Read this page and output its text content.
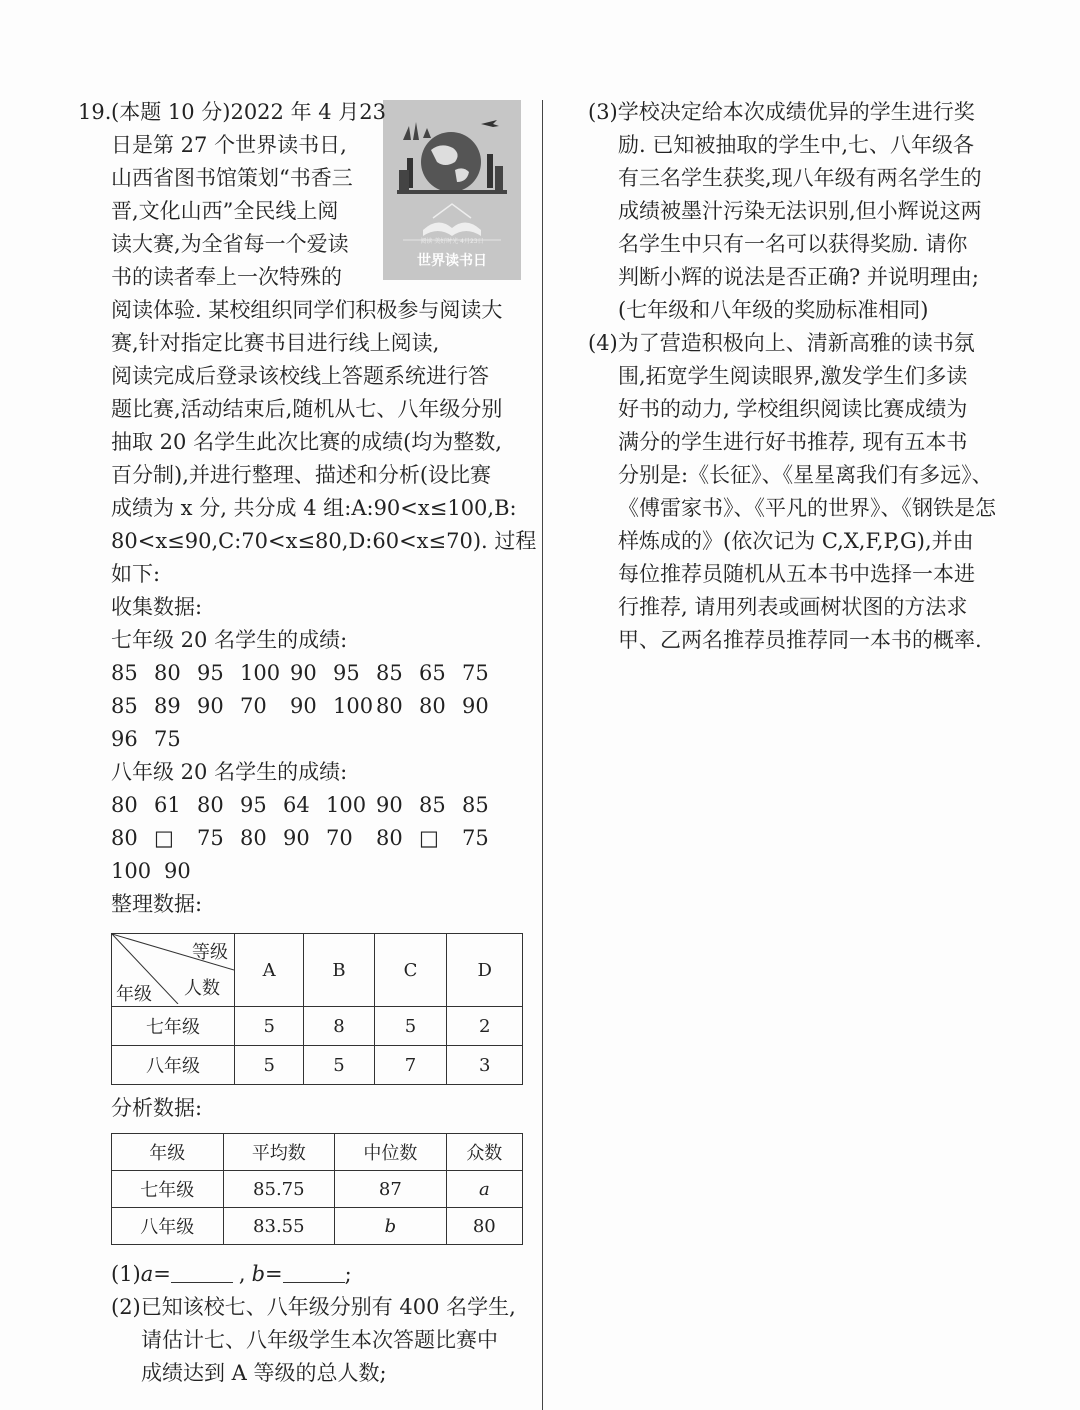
阅读 美好时光 4月23日
世界读书日
19. (本题 10 分)2022 年 4 月23
日是第 27 个世界读书日,
山西省图书馆策划“书香三
晋,文化山西”全民线上阅
读大赛,为全省每一个爱读
书的读者奉上一次特殊的
阅读体验. 某校组织同学们积极参与阅读大
赛,针对指定比赛书目进行线上阅读,
阅读完成后登录该校线上答题系统进行答
题比赛,活动结束后,随机从七、八年级分别
抽取 20 名学生此次比赛的成绩(均为整数,
百分制),并进行整理、描述和分析(设比赛
成绩为 x 分, 共分成 4 组:A:90<x≤100,B:
80<x≤90,C:70<x≤80,D:60<x≤70). 过程
如下:
收集数据:
七年级 20 名学生的成绩:
85 80 95 100 90 95 85 65 75
85 89 90 70	90 100 80 80 90
96 75
八年级 20 名学生的成绩:
80 61 80 95 64 100 90 85 85
80 □	75 80 90 70	80 □	75
100 90
整理数据:
等级
人数
年级	A	B	C	D
七年级	5	8	5	2
八年级	5	5	7	3
分析数据:
年级	平均数	中位数	众数
七年级	85.75	87	a
八年级	83.55	b	80
(1)a=	, b=	;
(2)已知该校七、八年级分别有 400 名学生,
请估计七、八年级学生本次答题比赛中
成绩达到 A 等级的总人数;
(3)学校决定给本次成绩优异的学生进行奖
励. 已知被抽取的学生中,七、八年级各
有三名学生获奖,现八年级有两名学生的
成绩被墨汁污染无法识别,但小辉说这两
名学生中只有一名可以获得奖励. 请你
判断小辉的说法是否正确? 并说明理由;
(七年级和八年级的奖励标准相同)
(4)为了营造积极向上、清新高雅的读书氛
围,拓宽学生阅读眼界,激发学生们多读
好书的动力, 学校组织阅读比赛成绩为
满分的学生进行好书推荐, 现有五本书
分别是:《长征》、《星星离我们有多远》、
《傅雷家书》、《平凡的世界》、《钢铁是怎
样炼成的》(依次记为 C,X,F,P,G),并由
每位推荐员随机从五本书中选择一本进
行推荐, 请用列表或画树状图的方法求
甲、乙两名推荐员推荐同一本书的概率.
